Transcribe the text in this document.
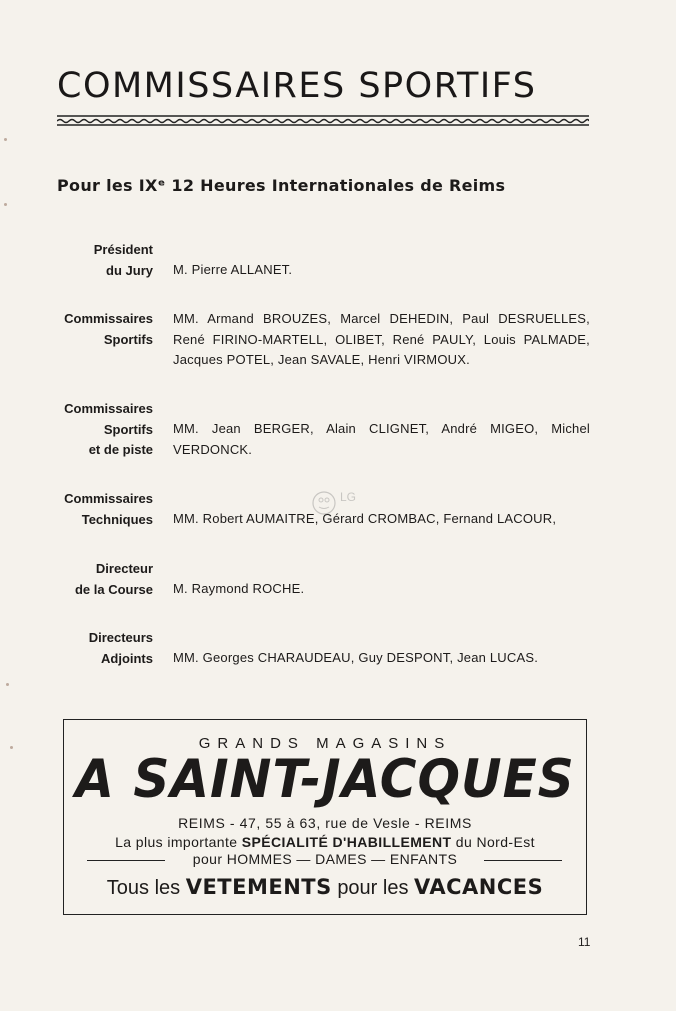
COMMISSAIRES SPORTIFS
Pour les IXᵉ 12 Heures Internationales de Reims
Président
du Jury M. Pierre ALLANET.
Commissaires
Sportifs
MM. Armand BROUZES, Marcel DEHEDIN, Paul DESRUELLES, René FIRINO-MARTELL, OLIBET, René PAULY, Louis PALMADE, Jacques POTEL, Jean SAVALE, Henri VIRMOUX.
Commissaires
Sportifs
et de piste
MM. Jean BERGER, Alain CLIGNET, André MIGEO, Michel VERDONCK.
Commissaires
Techniques MM. Robert AUMAITRE, Gérard CROMBAC, Fernand LACOUR,
Directeur
de la Course M. Raymond ROCHE.
Directeurs
Adjoints MM. Georges CHARAUDEAU, Guy DESPONT, Jean LUCAS.
LG
GRANDS MAGASINS
A SAINT-JACQUES
REIMS - 47, 55 à 63, rue de Vesle - REIMS
La plus importante SPÉCIALITÉ D'HABILLEMENT du Nord-Est
pour HOMMES — DAMES — ENFANTS
Tous les VETEMENTS pour les VACANCES
11
